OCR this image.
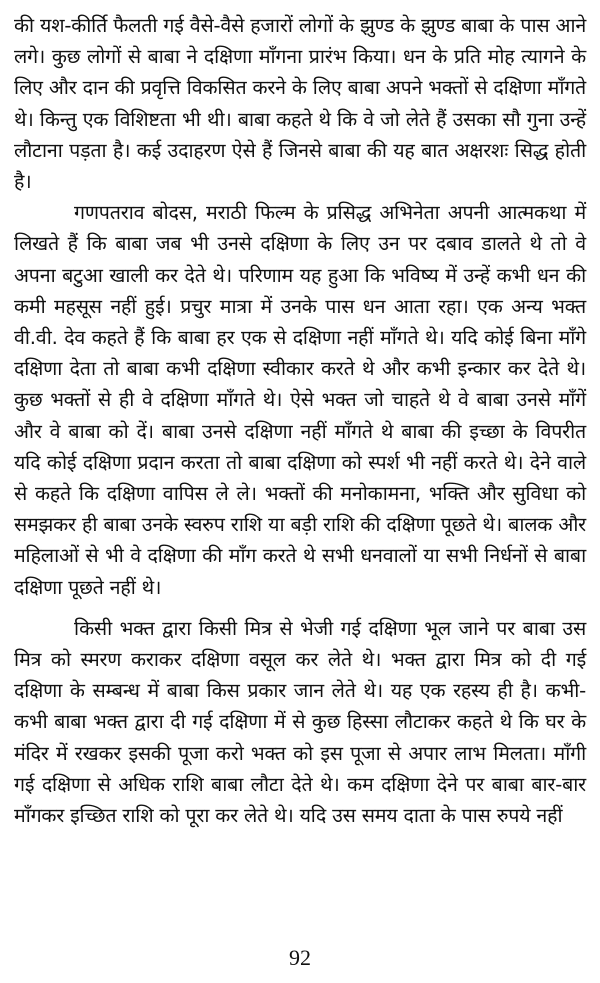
की यश-कीर्ति फैलती गई वैसे-वैसे हजारों लोगों के झुण्ड के झुण्ड बाबा के पास आने लगे। कुछ लोगों से बाबा ने दक्षिणा माँगना प्रारंभ किया। धन के प्रति मोह त्यागने के लिए और दान की प्रवृत्ति विकसित करने के लिए बाबा अपने भक्तों से दक्षिणा माँगते थे। किन्तु एक विशिष्टता भी थी। बाबा कहते थे कि वे जो लेते हैं उसका सौ गुना उन्हें लौटाना पड़ता है। कई उदाहरण ऐसे हैं जिनसे बाबा की यह बात अक्षरशः सिद्ध होती है।

गणपतराव बोदस, मराठी फिल्म के प्रसिद्ध अभिनेता अपनी आत्मकथा में लिखते हैं कि बाबा जब भी उनसे दक्षिणा के लिए उन पर दबाव डालते थे तो वे अपना बटुआ खाली कर देते थे। परिणाम यह हुआ कि भविष्य में उन्हें कभी धन की कमी महसूस नहीं हुई। प्रचुर मात्रा में उनके पास धन आता रहा। एक अन्य भक्त वी.वी. देव कहते हैं कि बाबा हर एक से दक्षिणा नहीं माँगते थे। यदि कोई बिना माँगे दक्षिणा देता तो बाबा कभी दक्षिणा स्वीकार करते थे और कभी इन्कार कर देते थे। कुछ भक्तों से ही वे दक्षिणा माँगते थे। ऐसे भक्त जो चाहते थे वे बाबा उनसे माँगें और वे बाबा को दें। बाबा उनसे दक्षिणा नहीं माँगते थे बाबा की इच्छा के विपरीत यदि कोई दक्षिणा प्रदान करता तो बाबा दक्षिणा को स्पर्श भी नहीं करते थे। देने वाले से कहते कि दक्षिणा वापिस ले ले। भक्तों की मनोकामना, भक्ति और सुविधा को समझकर ही बाबा उनके स्वरुप राशि या बड़ी राशि की दक्षिणा पूछते थे। बालक और महिलाओं से भी वे दक्षिणा की माँग करते थे सभी धनवालों या सभी निर्धनों से बाबा दक्षिणा पूछते नहीं थे।

किसी भक्त द्वारा किसी मित्र से भेजी गई दक्षिणा भूल जाने पर बाबा उस मित्र को स्मरण कराकर दक्षिणा वसूल कर लेते थे। भक्त द्वारा मित्र को दी गई दक्षिणा के सम्बन्ध में बाबा किस प्रकार जान लेते थे। यह एक रहस्य ही है। कभी-कभी बाबा भक्त द्वारा दी गई दक्षिणा में से कुछ हिस्सा लौटाकर कहते थे कि घर के मंदिर में रखकर इसकी पूजा करो भक्त को इस पूजा से अपार लाभ मिलता। माँगी गई दक्षिणा से अधिक राशि बाबा लौटा देते थे। कम दक्षिणा देने पर बाबा बार-बार माँगकर इच्छित राशि को पूरा कर लेते थे। यदि उस समय दाता के पास रुपये नहीं

92
